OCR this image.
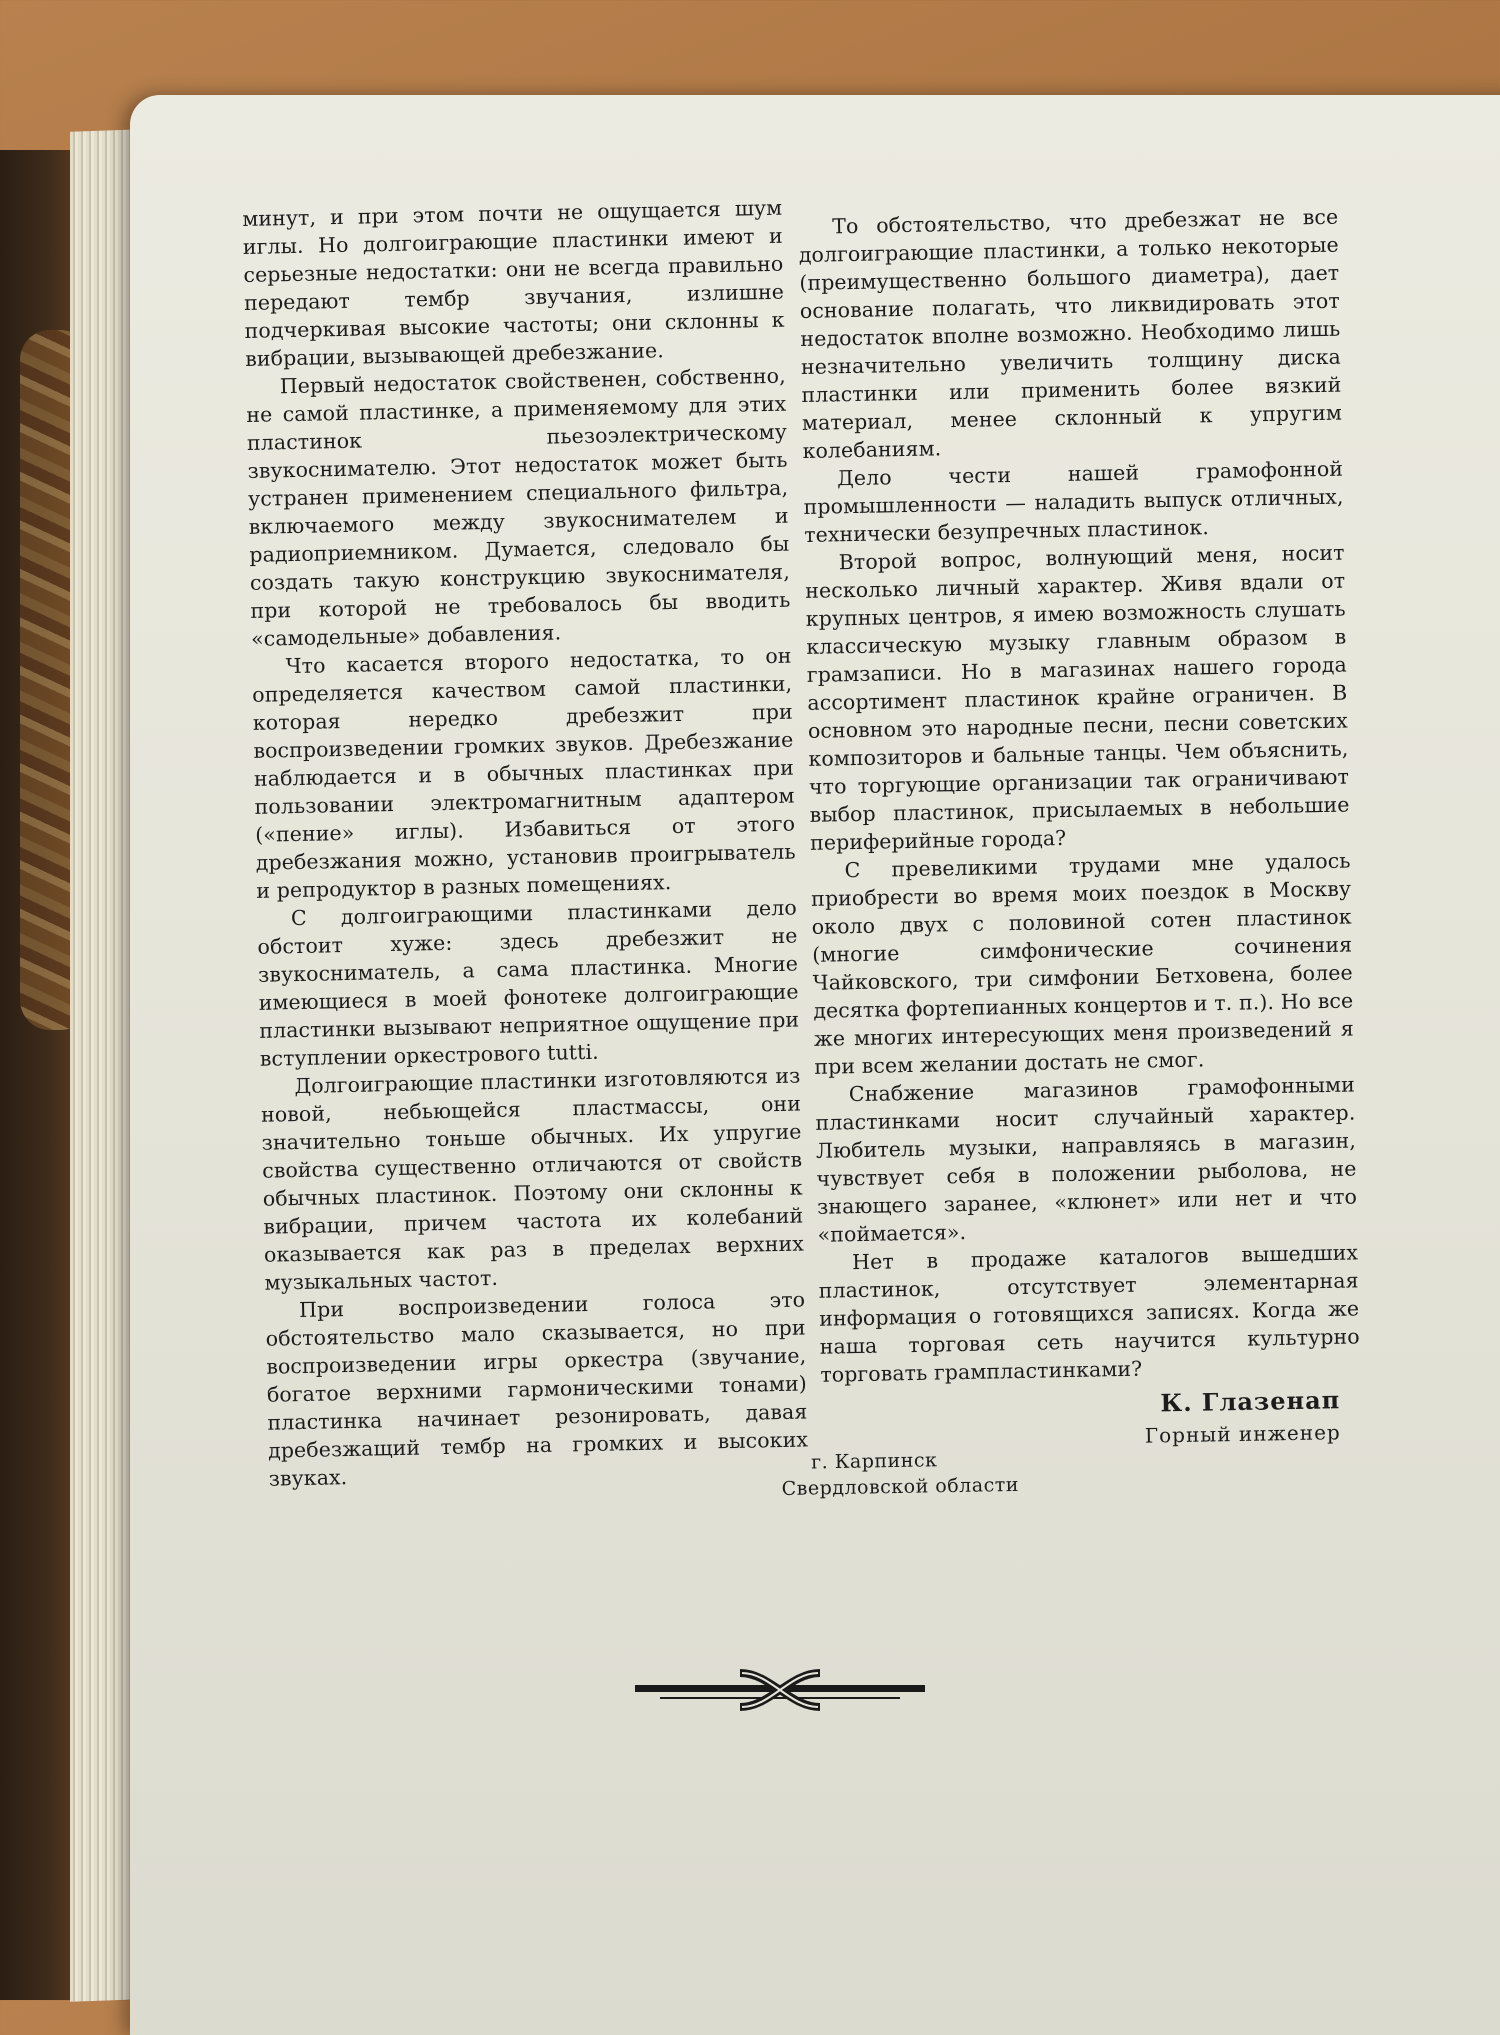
минут, и при этом почти не ощущается шум иглы. Но долгоиграющие пластинки имеют и серьезные недостатки: они не всегда правильно передают тембр звучания, излишне подчеркивая высокие частоты; они склонны к вибрации, вызывающей дребезжание.

Первый недостаток свойственен, собственно, не самой пластинке, а применяемому для этих пластинок пьезоэлектрическому звукоснимателю. Этот недостаток может быть устранен применением специального фильтра, включаемого между звукоснимателем и радиоприемником. Думается, следовало бы создать такую конструкцию звукоснимателя, при которой не требовалось бы вводить «самодельные» добавления.

Что касается второго недостатка, то он определяется качеством самой пластинки, которая нередко дребезжит при воспроизведении громких звуков. Дребезжание наблюдается и в обычных пластинках при пользовании электромагнитным адаптером («пение» иглы). Избавиться от этого дребезжания можно, установив проигрыватель и репродуктор в разных помещениях.

С долгоиграющими пластинками дело обстоит хуже: здесь дребезжит не звукосниматель, а сама пластинка. Многие имеющиеся в моей фонотеке долгоиграющие пластинки вызывают неприятное ощущение при вступлении оркестрового tutti.

Долгоиграющие пластинки изготовляются из новой, небьющейся пластмассы, они значительно тоньше обычных. Их упругие свойства существенно отличаются от свойств обычных пластинок. Поэтому они склонны к вибрации, причем частота их колебаний оказывается как раз в пределах верхних музыкальных частот.

При воспроизведении голоса это обстоятельство мало сказывается, но при воспроизведении игры оркестра (звучание, богатое верхними гармоническими тонами) пластинка начинает резонировать, давая дребезжащий тембр на громких и высоких звуках.

То обстоятельство, что дребезжат не все долгоиграющие пластинки, а только некоторые (преимущественно большого диаметра), дает основание полагать, что ликвидировать этот недостаток вполне возможно. Необходимо лишь незначительно увеличить толщину диска пластинки или применить более вязкий материал, менее склонный к упругим колебаниям.

Дело чести нашей грамофонной промышленности — наладить выпуск отличных, технически безупречных пластинок.

Второй вопрос, волнующий меня, носит несколько личный характер. Живя вдали от крупных центров, я имею возможность слушать классическую музыку главным образом в грамзаписи. Но в магазинах нашего города ассортимент пластинок крайне ограничен. В основном это народные песни, песни советских композиторов и бальные танцы. Чем объяснить, что торгующие организации так ограничивают выбор пластинок, присылаемых в небольшие периферийные города?

С превеликими трудами мне удалось приобрести во время моих поездок в Москву около двух с половиной сотен пластинок (многие симфонические сочинения Чайковского, три симфонии Бетховена, более десятка фортепианных концертов и т. п.). Но все же многих интересующих меня произведений я при всем желании достать не смог.

Снабжение магазинов грамофонными пластинками носит случайный характер. Любитель музыки, направляясь в магазин, чувствует себя в положении рыболова, не знающего заранее, «клюнет» или нет и что «поймается».

Нет в продаже каталогов вышедших пластинок, отсутствует элементарная информация о готовящихся записях. Когда же наша торговая сеть научится культурно торговать грампластинками?

К. Глазенап
Горный инженер
г. Карпинск
Свердловской области
